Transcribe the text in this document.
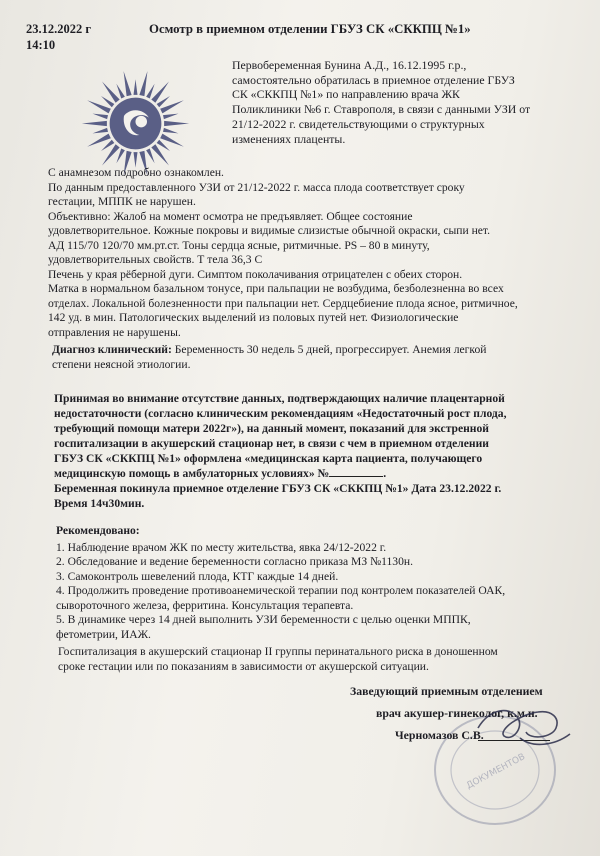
23.12.2022 г
14:10
Осмотр в приемном отделении ГБУЗ СК «СККПЦ №1»
Первобеременная Бунина А.Д., 16.12.1995 г.р.,
самостоятельно обратилась в приемное отделение ГБУЗ
СК «СККПЦ №1» по направлению врача ЖК
Поликлиники №6 г. Ставрополя, в связи с данными УЗИ от
21/12-2022 г. свидетельствующими о структурных
изменениях плаценты.
С анамнезом подробно ознакомлен.
По данным предоставленного УЗИ от 21/12-2022 г. масса плода соответствует сроку
гестации, МППК не нарушен.
Объективно: Жалоб на момент осмотра не предъявляет. Общее состояние
удовлетворительное. Кожные покровы и видимые слизистые обычной окраски, сыпи нет.
АД 115/70 120/70 мм.рт.ст. Тоны сердца ясные, ритмичные. PS – 80 в минуту,
удовлетворительных свойств. Т тела 36,3 С
Печень у края рёберной дуги. Симптом поколачивания отрицателен с обеих сторон.
Матка в нормальном базальном тонусе, при пальпации не возбудима, безболезненна во всех
отделах. Локальной болезненности при пальпации нет. Сердцебиение плода ясное, ритмичное,
142 уд. в мин. Патологических выделений из половых путей нет. Физиологические
отправления не нарушены.
Диагноз клинический: Беременность 30 недель 5 дней, прогрессирует. Анемия легкой
степени неясной этиологии.
Принимая во внимание отсутствие данных, подтверждающих наличие плацентарной
недостаточности (согласно клиническим рекомендациям «Недостаточный рост плода,
требующий помощи матери 2022г»), на данный момент, показаний для экстренной
госпитализации в акушерский стационар нет, в связи с чем в приемном отделении
ГБУЗ СК «СККПЦ №1» оформлена «медицинская карта пациента, получающего
медицинскую помощь в амбулаторных условиях» №	.
Беременная покинула приемное отделение ГБУЗ СК «СККПЦ №1» Дата 23.12.2022 г.
Время 14ч30мин.
Рекомендовано:
1. Наблюдение врачом ЖК по месту жительства, явка 24/12-2022 г.
2. Обследование и ведение беременности согласно приказа МЗ №1130н.
3. Самоконтроль шевелений плода, КТГ каждые 14 дней.
4. Продолжить проведение противоанемической терапии под контролем показателей ОАК,
сывороточного железа, ферритина. Консультация терапевта.
5. В динамике через 14 дней выполнить УЗИ беременности с целью оценки МППК,
фетометрии, ИАЖ.
Госпитализация в акушерский стационар II группы перинатального риска в доношенном
сроке гестации или по показаниям в зависимости от акушерской ситуации.
ДОКУМЕНТОВ
Заведующий приемным отделением
врач акушер-гинеколог, к.м.н.
Черномазов С.В.
